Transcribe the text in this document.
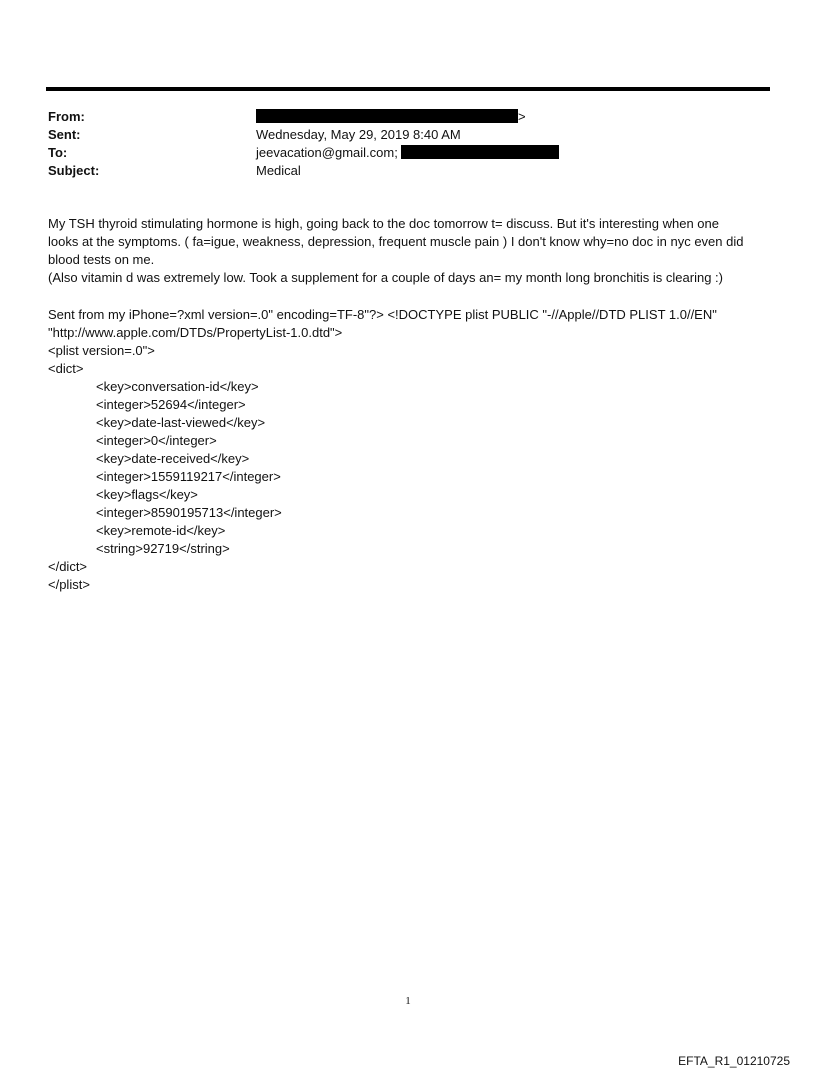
From:	>
Sent:	Wednesday, May 29, 2019 8:40 AM
To:	jeevacation@gmail.com;
Subject:	Medical

My TSH thyroid stimulating hormone is high, going back to the doc tomorrow t= discuss. But it's interesting when one

looks at the symptoms. ( fa=igue, weakness, depression, frequent muscle pain ) I don't know why=no doc in nyc even did

blood tests on me.

(Also vitamin d was extremely low. Took a supplement for a couple of days an= my month long bronchitis is clearing :)

Sent from my iPhone=?xml version=.0" encoding=TF-8"?> <!DOCTYPE plist PUBLIC "-//Apple//DTD PLIST 1.0//EN"
"http://www.apple.com/DTDs/PropertyList-1.0.dtd">
<plist version=.0">
<dict>
<key>conversation-id</key>
<integer>52694</integer>
<key>date-last-viewed</key>
<integer>0</integer>
<key>date-received</key>
<integer>1559119217</integer>
<key>flags</key>
<integer>8590195713</integer>
<key>remote-id</key>
<string>92719</string>
</dict>
</plist>
1
EFTA_R1_01210725
